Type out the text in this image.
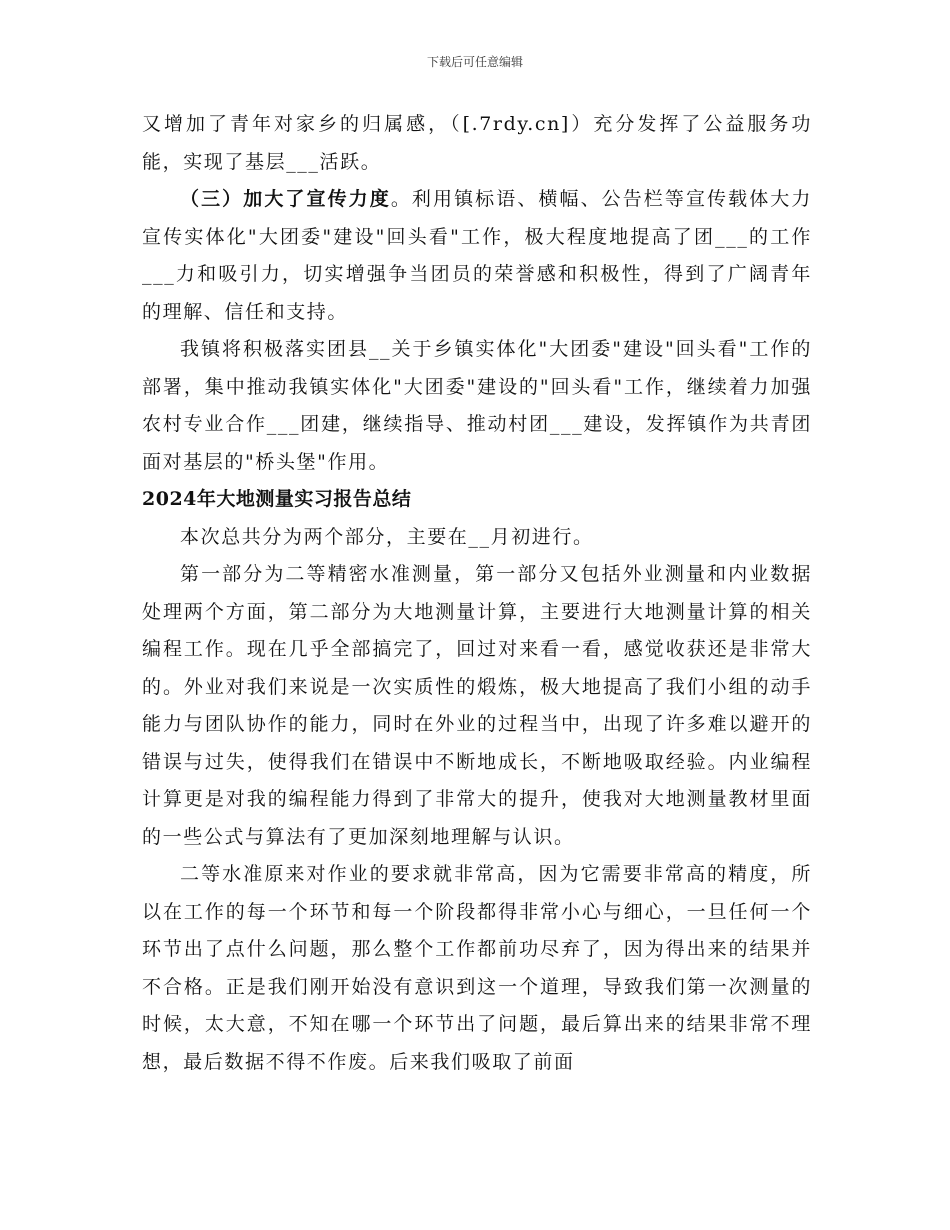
下载后可任意编辑

又增加了青年对家乡的归属感，（[.7rdy.cn]）充分发挥了公益服务功能，实现了基层___活跃。

（三）加大了宣传力度。利用镇标语、横幅、公告栏等宣传载体大力宣传实体化"大团委"建设"回头看"工作，极大程度地提高了团___的工作___力和吸引力，切实增强争当团员的荣誉感和积极性，得到了广阔青年的理解、信任和支持。

我镇将积极落实团县__关于乡镇实体化"大团委"建设"回头看"工作的部署，集中推动我镇实体化"大团委"建设的"回头看"工作，继续着力加强农村专业合作___团建，继续指导、推动村团___建设，发挥镇作为共青团面对基层的"桥头堡"作用。

2024年大地测量实习报告总结

本次总共分为两个部分，主要在__月初进行。

第一部分为二等精密水准测量，第一部分又包括外业测量和内业数据处理两个方面，第二部分为大地测量计算，主要进行大地测量计算的相关编程工作。现在几乎全部搞完了，回过对来看一看，感觉收获还是非常大的。外业对我们来说是一次实质性的煅炼，极大地提高了我们小组的动手能力与团队协作的能力，同时在外业的过程当中，出现了许多难以避开的错误与过失，使得我们在错误中不断地成长，不断地吸取经验。内业编程计算更是对我的编程能力得到了非常大的提升，使我对大地测量教材里面的一些公式与算法有了更加深刻地理解与认识。

二等水准原来对作业的要求就非常高，因为它需要非常高的精度，所以在工作的每一个环节和每一个阶段都得非常小心与细心，一旦任何一个环节出了点什么问题，那么整个工作都前功尽弃了，因为得出来的结果并不合格。正是我们刚开始没有意识到这一个道理，导致我们第一次测量的时候，太大意，不知在哪一个环节出了问题，最后算出来的结果非常不理想，最后数据不得不作废。后来我们吸取了前面
